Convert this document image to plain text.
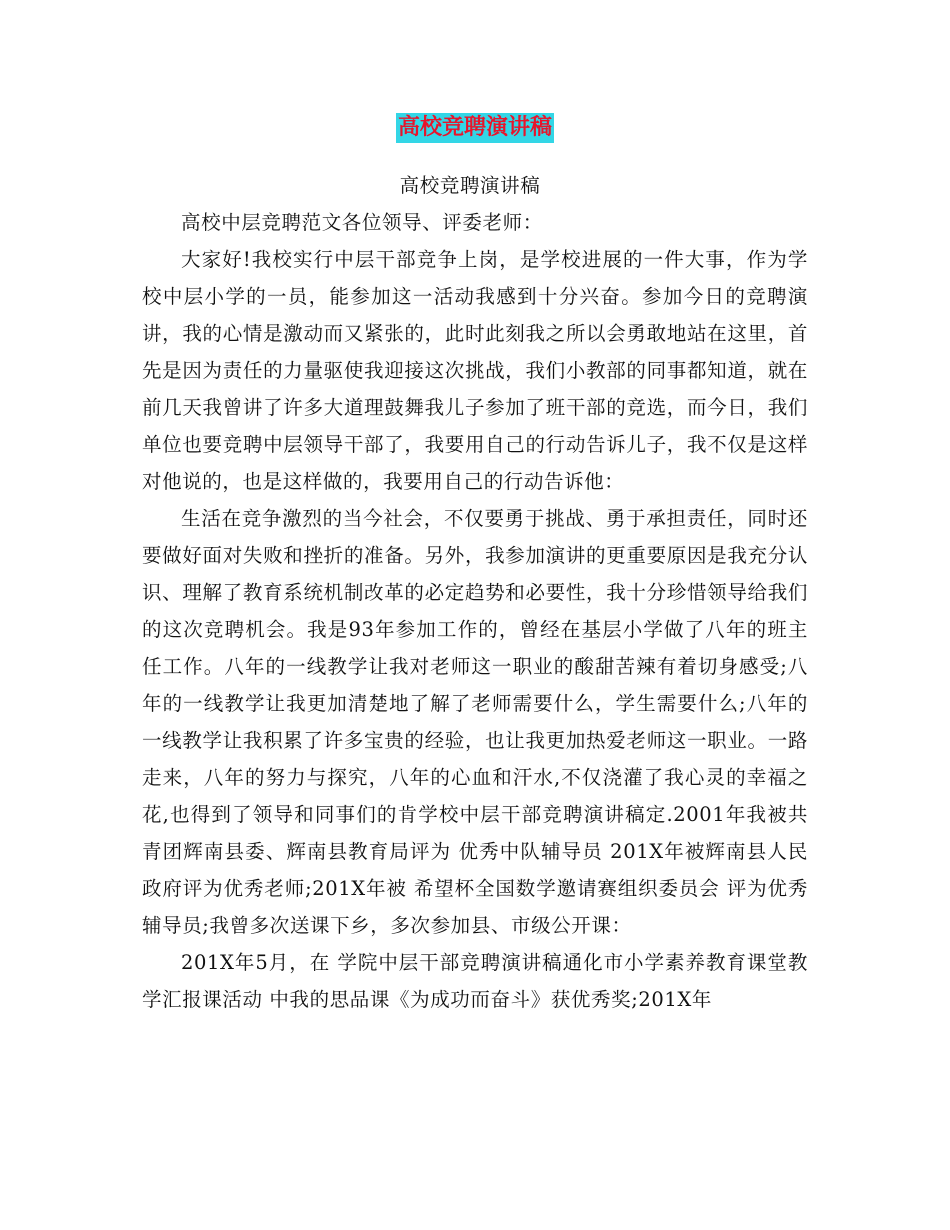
高校竞聘演讲稿

高校竞聘演讲稿

高校中层竞聘范文各位领导、评委老师：

大家好!我校实行中层干部竞争上岗，是学校进展的一件大事，作为学校中层小学的一员，能参加这一活动我感到十分兴奋。参加今日的竞聘演讲，我的心情是激动而又紧张的，此时此刻我之所以会勇敢地站在这里，首先是因为责任的力量驱使我迎接这次挑战，我们小教部的同事都知道，就在前几天我曾讲了许多大道理鼓舞我儿子参加了班干部的竞选，而今日，我们单位也要竞聘中层领导干部了，我要用自己的行动告诉儿子，我不仅是这样对他说的，也是这样做的，我要用自己的行动告诉他：

生活在竞争激烈的当今社会，不仅要勇于挑战、勇于承担责任，同时还要做好面对失败和挫折的准备。另外，我参加演讲的更重要原因是我充分认识、理解了教育系统机制改革的必定趋势和必要性，我十分珍惜领导给我们的这次竞聘机会。我是93年参加工作的，曾经在基层小学做了八年的班主任工作。八年的一线教学让我对老师这一职业的酸甜苦辣有着切身感受;八年的一线教学让我更加清楚地了解了老师需要什么，学生需要什么;八年的一线教学让我积累了许多宝贵的经验，也让我更加热爱老师这一职业。一路走来，八年的努力与探究，八年的心血和汗水,不仅浇灌了我心灵的幸福之花,也得到了领导和同事们的肯学校中层干部竞聘演讲稿定.2001年我被共青团辉南县委、辉南县教育局评为 优秀中队辅导员 201X年被辉南县人民政府评为优秀老师;201X年被 希望杯全国数学邀请赛组织委员会 评为优秀辅导员;我曾多次送课下乡，多次参加县、市级公开课：

201X年5月，在 学院中层干部竞聘演讲稿通化市小学素养教育课堂教学汇报课活动 中我的思品课《为成功而奋斗》获优秀奖;201X年
